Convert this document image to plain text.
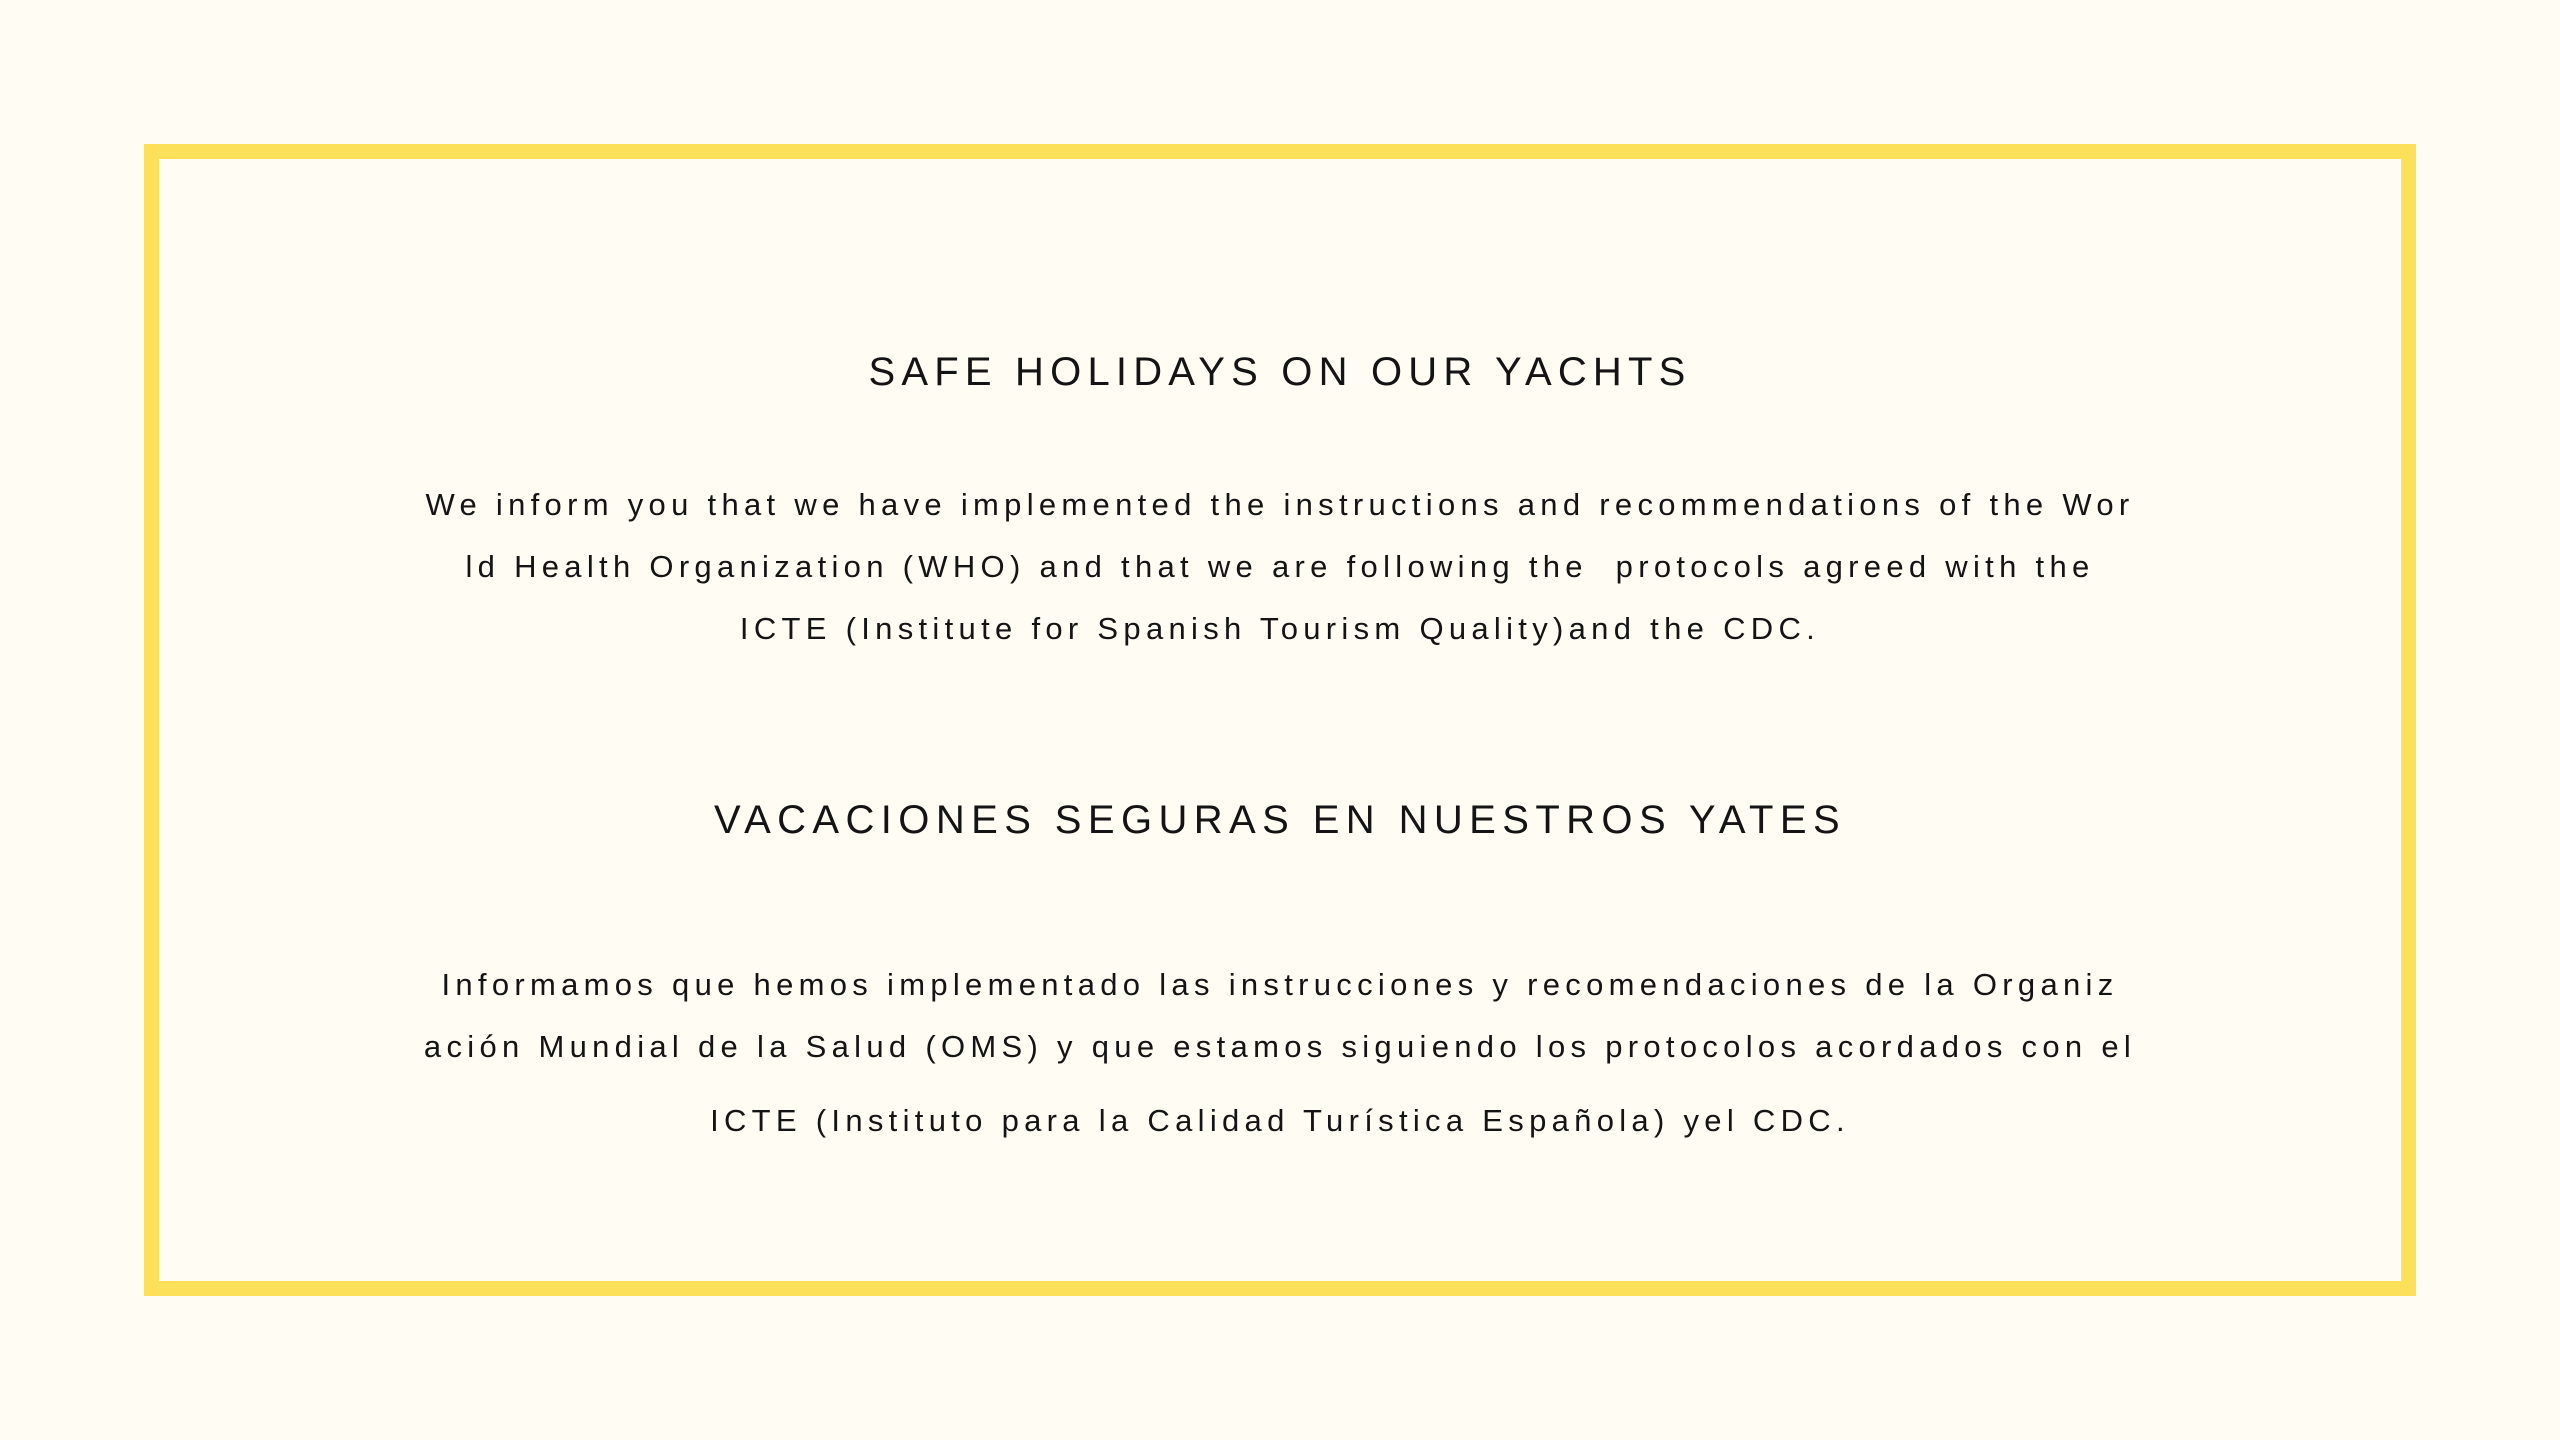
SAFE HOLIDAYS ON OUR YACHTS

We inform you that we have implemented the instructions and recommendations of the Wor
ld Health Organization (WHO) and that we are following the  protocols agreed with the
ICTE (Institute for Spanish Tourism Quality)and the CDC.

VACACIONES SEGURAS EN NUESTROS YATES

Informamos que hemos implementado las instrucciones y recomendaciones de la Organiz
ación Mundial de la Salud (OMS) y que estamos siguiendo los protocolos acordados con el
ICTE (Instituto para la Calidad Turística Española) yel CDC.
